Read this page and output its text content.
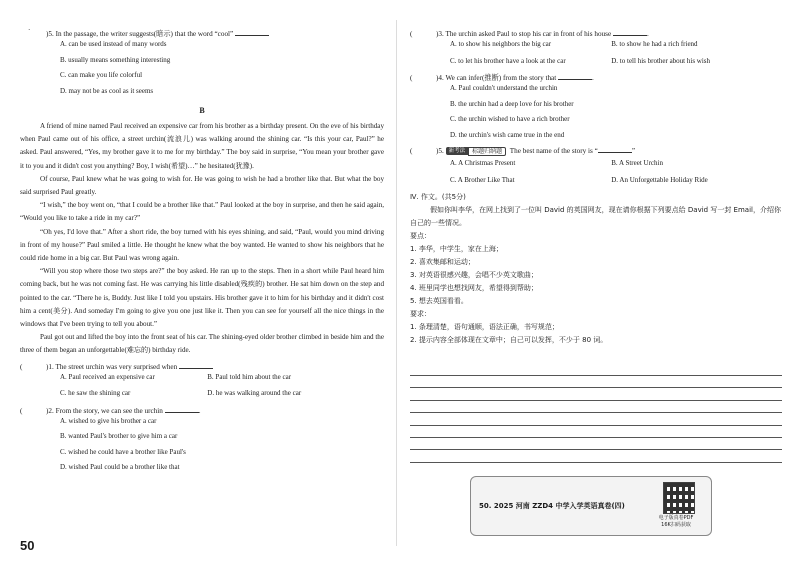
·	)5. In the passage, the writer suggests(暗示) that the word “cool”
A. can be used instead of many words
B. usually means something interesting
C. can make you life colorful
D. may not be as cool as it seems
B
A friend of mine named Paul received an expensive car from his brother as a birthday present. On the eve of his birthday when Paul came out of his office, a street urchin(流浪儿) was walking around the shining car. “Is this your car, Paul?” he asked. Paul answered, “Yes, my brother gave it to me for my birthday.” The boy said in surprise, “You mean your brother gave it to you and it didn't cost you anything? Boy, I wish(希望)…” he hesitated(犹豫).
Of course, Paul knew what he was going to wish for. He was going to wish he had a brother like that. But what the boy said surprised Paul greatly.
“I wish,” the boy went on, “that I could be a brother like that.” Paul looked at the boy in surprise, and then he said again, “Would you like to take a ride in my car?”
“Oh yes, I'd love that.” After a short ride, the boy turned with his eyes shining, and said, “Paul, would you mind driving in front of my house?” Paul smiled a little. He thought he knew what the boy wanted. He wanted to show his neighbors that he could ride home in a big car. But Paul was wrong again.
“Will you stop where those two steps are?” the boy asked. He ran up to the steps. Then in a short while Paul heard him coming back, but he was not coming fast. He was carrying his little disabled(残疾的) brother. He sat him down on the step and pointed to the car. “There he is, Buddy. Just like I told you upstairs. His brother gave it to him for his birthday and it didn't cost him a cent(美分). And someday I'm going to give you one just like it. Then you can see for yourself all the nice things in the windows that I've been trying to tell you about.”
Paul got out and lifted the boy into the front seat of his car. The shining-eyed older brother climbed in beside him and the three of them began an unforgettable(难忘的) birthday ride.
(	)1. The street urchin was very surprised when
A. Paul received an expensive car	B. Paul told him about the car
C. he saw the shining car	D. he was walking around the car
(	)2. From the story, we can see the urchin	.
A. wished to give his brother a car
B. wanted Paul's brother to give him a car
C. wished he could have a brother like Paul's
D. wished Paul could be a brother like that
(	)3. The urchin asked Paul to stop his car in front of his house	.
A. to show his neighbors the big car	B. to show he had a rich friend
C. to let his brother have a look at the car	D. to tell his brother about his wish
(	)4. We can infer(推断) from the story that	.
A. Paul couldn't understand the urchin
B. the urchin had a deep love for his brother
C. the urchin wished to have a rich brother
D. the urchin's wish came true in the end
(	)5. 新考法	标题归纳题	The best name of the story is “	”
A. A Christmas Present	B. A Street Urchin
C. A Brother Like That	D. An Unforgettable Holiday Ride
Ⅳ. 作文。(共5分)
假如你叫李华，在网上找到了一位叫 David 的英国网友，现在请你根据下列要点给 David 写一封 Email，介绍你自己的一些情况。
要点：
1. 李华，中学生，家在上海；
2. 喜欢集邮和运动；
3. 对英语很感兴趣，会唱不少英文歌曲；
4. 班里同学也想找网友，希望得到帮助；
5. 想去英国看看。
要求：
1. 条理清楚，语句通顺，语法正确，书写规范；
2. 提示内容全部体现在文章中；自己可以发挥，不少于 80 词。
50. 2025 河南 ZZD4 中学入学英语真卷(四)
电子版真卷PDF
16K扫码获取
50
